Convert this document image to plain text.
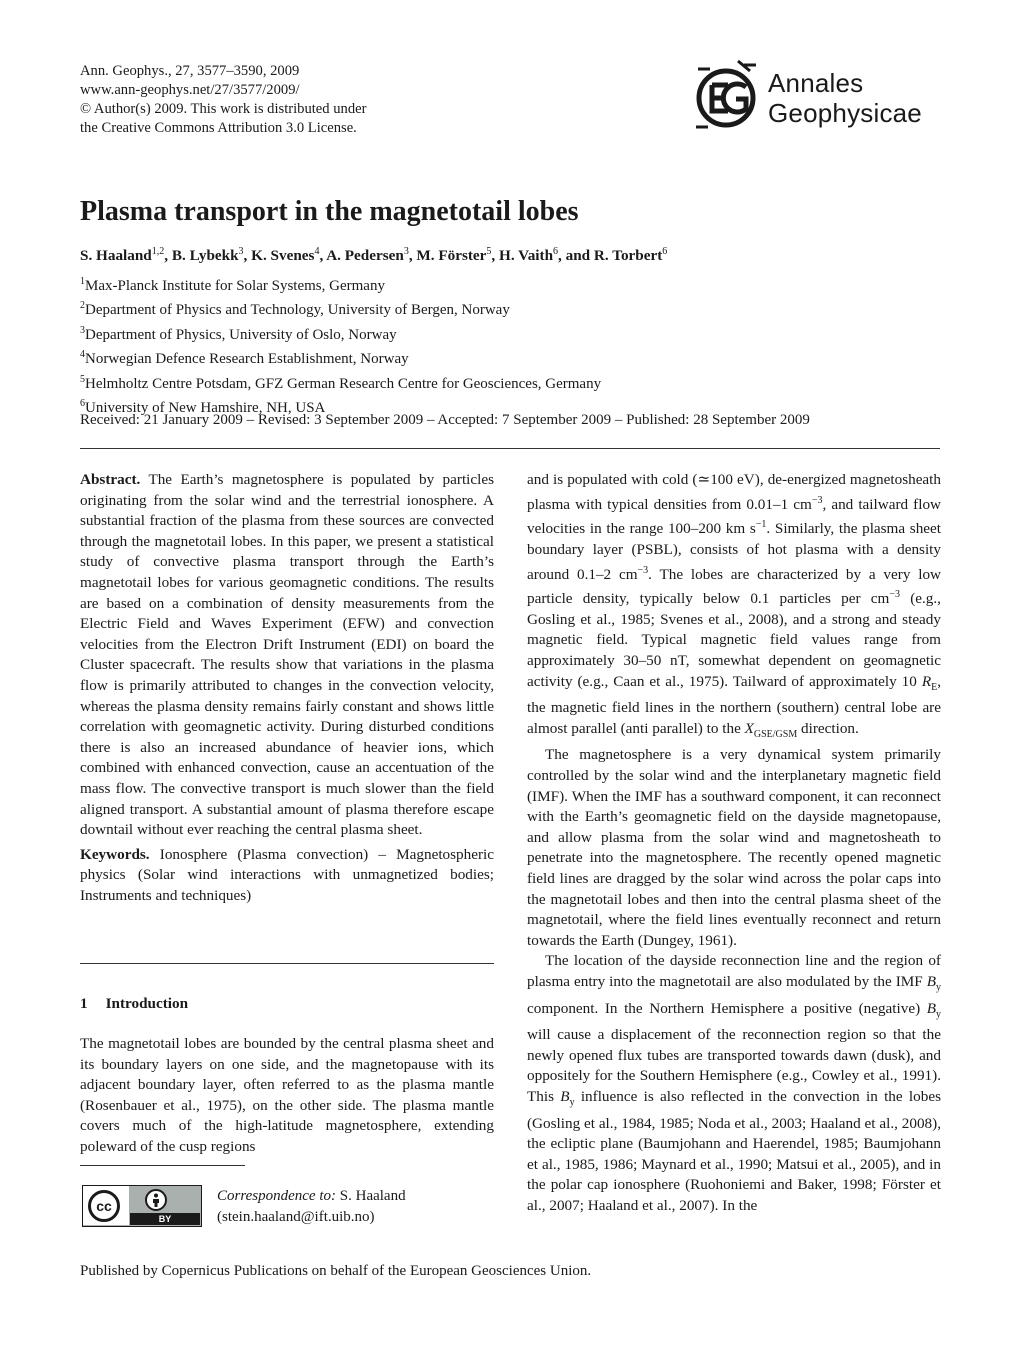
Ann. Geophys., 27, 3577–3590, 2009
www.ann-geophys.net/27/3577/2009/
© Author(s) 2009. This work is distributed under
the Creative Commons Attribution 3.0 License.
Annales
Geophysicae
Plasma transport in the magnetotail lobes
S. Haaland$^{1,2}$, B. Lybekk$^3$, K. Svenes$^4$, A. Pedersen$^3$, M. Förster$^5$, H. Vaith$^6$, and R. Torbert$^6$
$^1$Max-Planck Institute for Solar Systems, Germany
$^2$Department of Physics and Technology, University of Bergen, Norway
$^3$Department of Physics, University of Oslo, Norway
$^4$Norwegian Defence Research Establishment, Norway
$^5$Helmholtz Centre Potsdam, GFZ German Research Centre for Geosciences, Germany
$^6$University of New Hamshire, NH, USA
Received: 21 January 2009 – Revised: 3 September 2009 – Accepted: 7 September 2009 – Published: 28 September 2009

Abstract. The Earth’s magnetosphere is populated by particles originating from the solar wind and the terrestrial ionosphere. A substantial fraction of the plasma from these sources are convected through the magnetotail lobes. In this paper, we present a statistical study of convective plasma transport through the Earth’s magnetotail lobes for various geomagnetic conditions. The results are based on a combination of density measurements from the Electric Field and Waves Experiment (EFW) and convection velocities from the Electron Drift Instrument (EDI) on board the Cluster spacecraft. The results show that variations in the plasma flow is primarily attributed to changes in the convection velocity, whereas the plasma density remains fairly constant and shows little correlation with geomagnetic activity. During disturbed conditions there is also an increased abundance of heavier ions, which combined with enhanced convection, cause an accentuation of the mass flow. The convective transport is much slower than the field aligned transport. A substantial amount of plasma therefore escape downtail without ever reaching the central plasma sheet.

Keywords. Ionosphere (Plasma convection) – Magnetospheric physics (Solar wind interactions with unmagnetized bodies; Instruments and techniques)

1 Introduction

The magnetotail lobes are bounded by the central plasma sheet and its boundary layers on one side, and the magnetopause with its adjacent boundary layer, often referred to as the plasma mantle (Rosenbauer et al., 1975), on the other side. The plasma mantle covers much of the high-latitude magnetosphere, extending poleward of the cusp regions

cc
BY
Correspondence to: S. Haaland
(stein.haaland@ift.uib.no)

and is populated with cold (≃100 eV), de-energized magnetosheath plasma with typical densities from 0.01–1 $cm^{-3}$, and tailward flow velocities in the range 100–200 km $s^{-1}$. Similarly, the plasma sheet boundary layer (PSBL), consists of hot plasma with a density around 0.1–2 $cm^{-3}$. The lobes are characterized by a very low particle density, typically below 0.1 particles per $cm^{-3}$ (e.g., Gosling et al., 1985; Svenes et al., 2008), and a strong and steady magnetic field. Typical magnetic field values range from approximately 30–50 nT, somewhat dependent on geomagnetic activity (e.g., Caan et al., 1975). Tailward of approximately 10 $R_E$, the magnetic field lines in the northern (southern) central lobe are almost parallel (anti parallel) to the $X_{GSE/GSM}$ direction.

The magnetosphere is a very dynamical system primarily controlled by the solar wind and the interplanetary magnetic field (IMF). When the IMF has a southward component, it can reconnect with the Earth’s geomagnetic field on the dayside magnetopause, and allow plasma from the solar wind and magnetosheath to penetrate into the magnetosphere. The recently opened magnetic field lines are dragged by the solar wind across the polar caps into the magnetotail lobes and then into the central plasma sheet of the magnetotail, where the field lines eventually reconnect and return towards the Earth (Dungey, 1961).

The location of the dayside reconnection line and the region of plasma entry into the magnetotail are also modulated by the IMF $B_y$ component. In the Northern Hemisphere a positive (negative) $B_y$ will cause a displacement of the reconnection region so that the newly opened flux tubes are transported towards dawn (dusk), and oppositely for the Southern Hemisphere (e.g., Cowley et al., 1991). This $B_y$ influence is also reflected in the convection in the lobes (Gosling et al., 1984, 1985; Noda et al., 2003; Haaland et al., 2008), the ecliptic plane (Baumjohann and Haerendel, 1985; Baumjohann et al., 1985, 1986; Maynard et al., 1990; Matsui et al., 2005), and in the polar cap ionosphere (Ruohoniemi and Baker, 1998; Förster et al., 2007; Haaland et al., 2007). In the

Published by Copernicus Publications on behalf of the European Geosciences Union.
